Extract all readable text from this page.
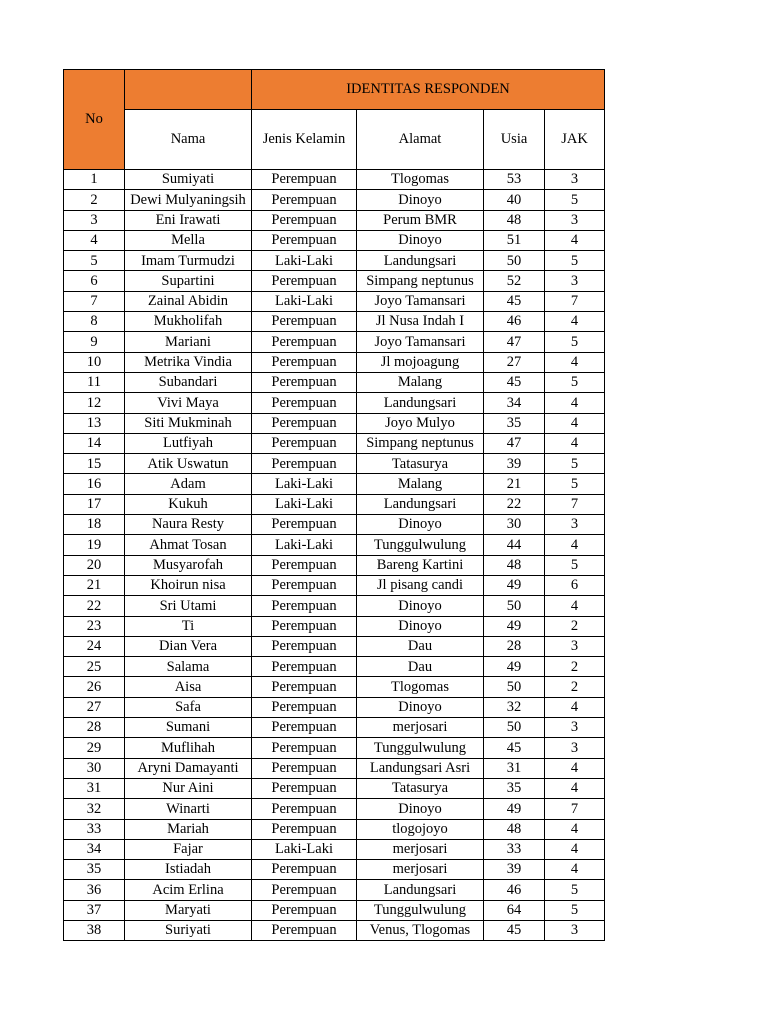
No		IDENTITAS RESPONDEN			
	Nama	Jenis Kelamin	Alamat	Usia	JAK
1	Sumiyati	Perempuan	Tlogomas	53	3
2	Dewi Mulyaningsih	Perempuan	Dinoyo	40	5
3	Eni Irawati	Perempuan	Perum BMR	48	3
4	Mella	Perempuan	Dinoyo	51	4
5	Imam Turmudzi	Laki-Laki	Landungsari	50	5
6	Supartini	Perempuan	Simpang neptunus	52	3
7	Zainal Abidin	Laki-Laki	Joyo Tamansari	45	7
8	Mukholifah	Perempuan	Jl Nusa Indah I	46	4
9	Mariani	Perempuan	Joyo Tamansari	47	5
10	Metrika Vindia	Perempuan	Jl mojoagung	27	4
11	Subandari	Perempuan	Malang	45	5
12	Vivi Maya	Perempuan	Landungsari	34	4
13	Siti Mukminah	Perempuan	Joyo Mulyo	35	4
14	Lutfiyah	Perempuan	Simpang neptunus	47	4
15	Atik Uswatun	Perempuan	Tatasurya	39	5
16	Adam	Laki-Laki	Malang	21	5
17	Kukuh	Laki-Laki	Landungsari	22	7
18	Naura Resty	Perempuan	Dinoyo	30	3
19	Ahmat Tosan	Laki-Laki	Tunggulwulung	44	4
20	Musyarofah	Perempuan	Bareng Kartini	48	5
21	Khoirun nisa	Perempuan	Jl pisang candi	49	6
22	Sri Utami	Perempuan	Dinoyo	50	4
23	Ti	Perempuan	Dinoyo	49	2
24	Dian Vera	Perempuan	Dau	28	3
25	Salama	Perempuan	Dau	49	2
26	Aisa	Perempuan	Tlogomas	50	2
27	Safa	Perempuan	Dinoyo	32	4
28	Sumani	Perempuan	merjosari	50	3
29	Muflihah	Perempuan	Tunggulwulung	45	3
30	Aryni Damayanti	Perempuan	Landungsari Asri	31	4
31	Nur Aini	Perempuan	Tatasurya	35	4
32	Winarti	Perempuan	Dinoyo	49	7
33	Mariah	Perempuan	tlogojoyo	48	4
34	Fajar	Laki-Laki	merjosari	33	4
35	Istiadah	Perempuan	merjosari	39	4
36	Acim Erlina	Perempuan	Landungsari	46	5
37	Maryati	Perempuan	Tunggulwulung	64	5
38	Suriyati	Perempuan	Venus, Tlogomas	45	3
